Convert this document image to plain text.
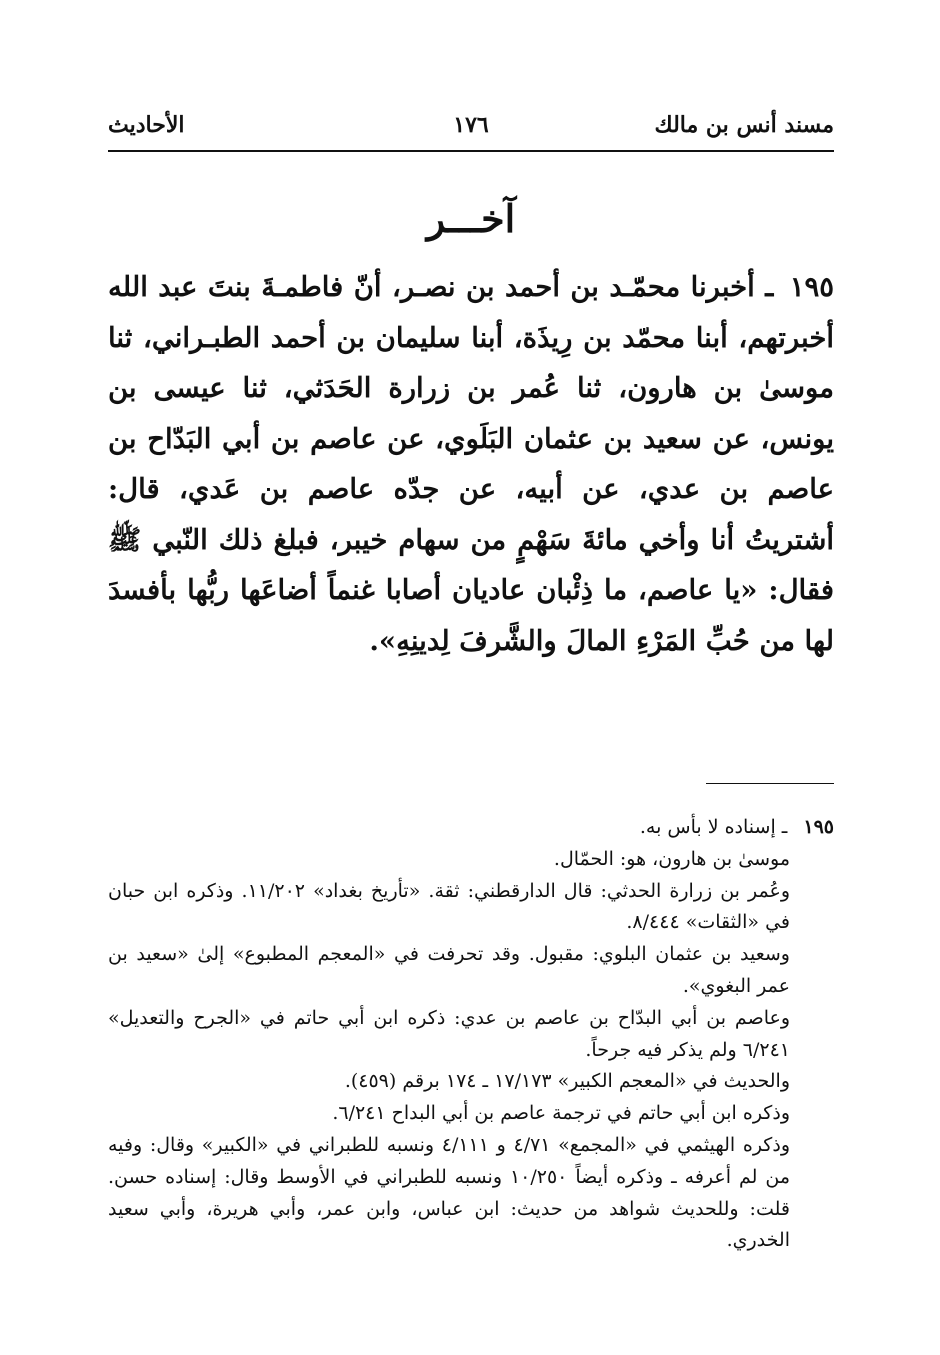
مسند أنس بن مالك
١٧٦
الأحاديث
آخـــر
١٩٥ ـ أخبرنا محمّـد بن أحمد بن نصـر، أنّ فاطمـةَ بنتَ عبد الله أخبرتهم، أبنا محمّد بن رِيذَة، أبنا سليمان بن أحمد الطبـراني، ثنا موسىٰ بن هارون، ثنا عُمر بن زرارة الحَدَثي، ثنا عيسى بن يونس، عن سعيد بن عثمان البَلَوي، عن عاصم بن أبي البَدّاح بن عاصم بن عدي، عن أبيه، عن جدّه عاصم بن عَدي، قال: أشتريتُ أنا وأخي مائةَ سَهْمٍ من سهام خيبر، فبلغ ذلك النّبي ﷺ فقال: «يا عاصم، ما ذِئْبان عاديان أصابا غنماً أضاعَها ربُّها بأفسدَ لها من حُبِّ المَرْءِ المالَ والشَّرفَ لِدينِهِ».
١٩٥ ـ إسناده لا بأس به.
موسىٰ بن هارون، هو: الحمّال.
وعُمر بن زرارة الحدثي: قال الدارقطني: ثقة. «تأريخ بغداد» ١١/٢٠٢. وذكره ابن حبان في «الثقات» ٨/٤٤٤.
وسعيد بن عثمان البلوي: مقبول. وقد تحرفت في «المعجم المطبوع» إلىٰ «سعيد بن عمر البغوي».
وعاصم بن أبي البدّاح بن عاصم بن عدي: ذكره ابن أبي حاتم في «الجرح والتعديل» ٦/٢٤١ ولم يذكر فيه جرحاً.
والحديث في «المعجم الكبير» ١٧/١٧٣ ـ ١٧٤ برقم (٤٥٩).
وذكره ابن أبي حاتم في ترجمة عاصم بن أبي البداح ٦/٢٤١.
وذكره الهيثمي في «المجمع» ٤/٧١ و ٤/١١١ ونسبه للطبراني في «الكبير» وقال: وفيه من لم أعرفه ـ وذكره أيضاً ١٠/٢٥٠ ونسبه للطبراني في الأوسط وقال: إسناده حسن. قلت: وللحديث شواهد من حديث: ابن عباس، وابن عمر، وأبي هريرة، وأبي سعيد الخدري.
